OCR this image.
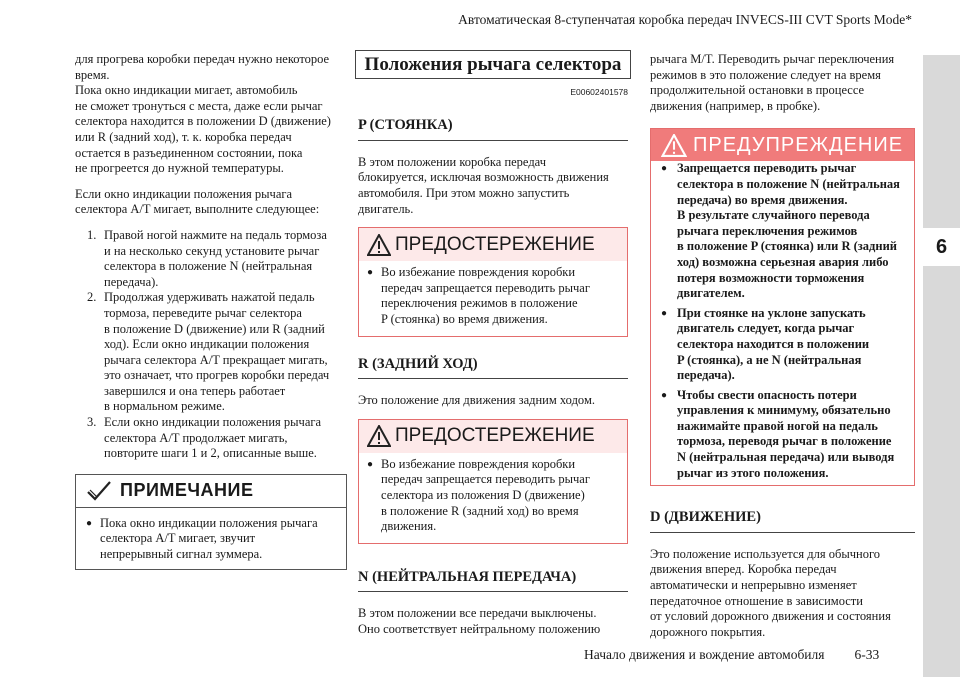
Автоматическая 8-ступенчатая коробка передач INVECS-III CVT Sports Mode*
6

для прогрева коробки передач нужно некоторое
время.
Пока окно индикации мигает, автомобиль
не сможет тронуться с места, даже если рычаг
селектора находится в положении D (движение)
или R (задний ход), т. к. коробка передач
остается в разъединенном состоянии, пока
не прогреется до нужной температуры.

Если окно индикации положения рычага
селектора A/T мигает, выполните следующее:

1. Правой ногой нажмите на педаль тормоза
и на несколько секунд установите рычаг
селектора в положение N (нейтральная
передача).
2. Продолжая удерживать нажатой педаль
тормоза, переведите рычаг селектора
в положение D (движение) или R (задний
ход). Если окно индикации положения
рычага селектора A/T прекращает мигать,
это означает, что прогрев коробки передач
завершился и она теперь работает
в нормальном режиме.
3. Если окно индикации положения рычага
селектора A/T продолжает мигать,
повторите шаги 1 и 2, описанные выше.
ПРИМЕЧАНИЕ
● Пока окно индикации положения рычага
селектора A/T мигает, звучит
непрерывный сигнал зуммера.
Положения рычага селектора
E00602401578
P (СТОЯНКА)

В этом положении коробка передач
блокируется, исключая возможность движения
автомобиля. При этом можно запустить
двигатель.

ПРЕДОСТЕРЕЖЕНИЕ
● Во избежание повреждения коробки
передач запрещается переводить рычаг
переключения режимов в положение
P (стоянка) во время движения.
R (ЗАДНИЙ ХОД)

Это положение для движения задним ходом.

ПРЕДОСТЕРЕЖЕНИЕ
● Во избежание повреждения коробки
передач запрещается переводить рычаг
селектора из положения D (движение)
в положение R (задний ход) во время
движения.
N (НЕЙТРАЛЬНАЯ ПЕРЕДАЧА)

В этом положении все передачи выключены.
Оно соответствует нейтральному положению

рычага M/T. Переводить рычаг переключения
режимов в это положение следует на время
продолжительной остановки в процессе
движения (например, в пробке).

ПРЕДУПРЕЖДЕНИЕ
● Запрещается переводить рычаг
селектора в положение N (нейтральная
передача) во время движения.
В результате случайного перевода
рычага переключения режимов
в положение P (стоянка) или R (задний
ход) возможна серьезная авария либо
потеря возможности торможения
двигателем.
● При стоянке на уклоне запускать
двигатель следует, когда рычаг
селектора находится в положении
P (стоянка), а не N (нейтральная
передача).
● Чтобы свести опасность потери
управления к минимуму, обязательно
нажимайте правой ногой на педаль
тормоза, переводя рычаг в положение
N (нейтральная передача) или выводя
рычаг из этого положения.
D (ДВИЖЕНИЕ)

Это положение используется для обычного
движения вперед. Коробка передач
автоматически и непрерывно изменяет
передаточное отношение в зависимости
от условий дорожного движения и состояния
дорожного покрытия.

Начало движения и вождение автомобиля 6-33
